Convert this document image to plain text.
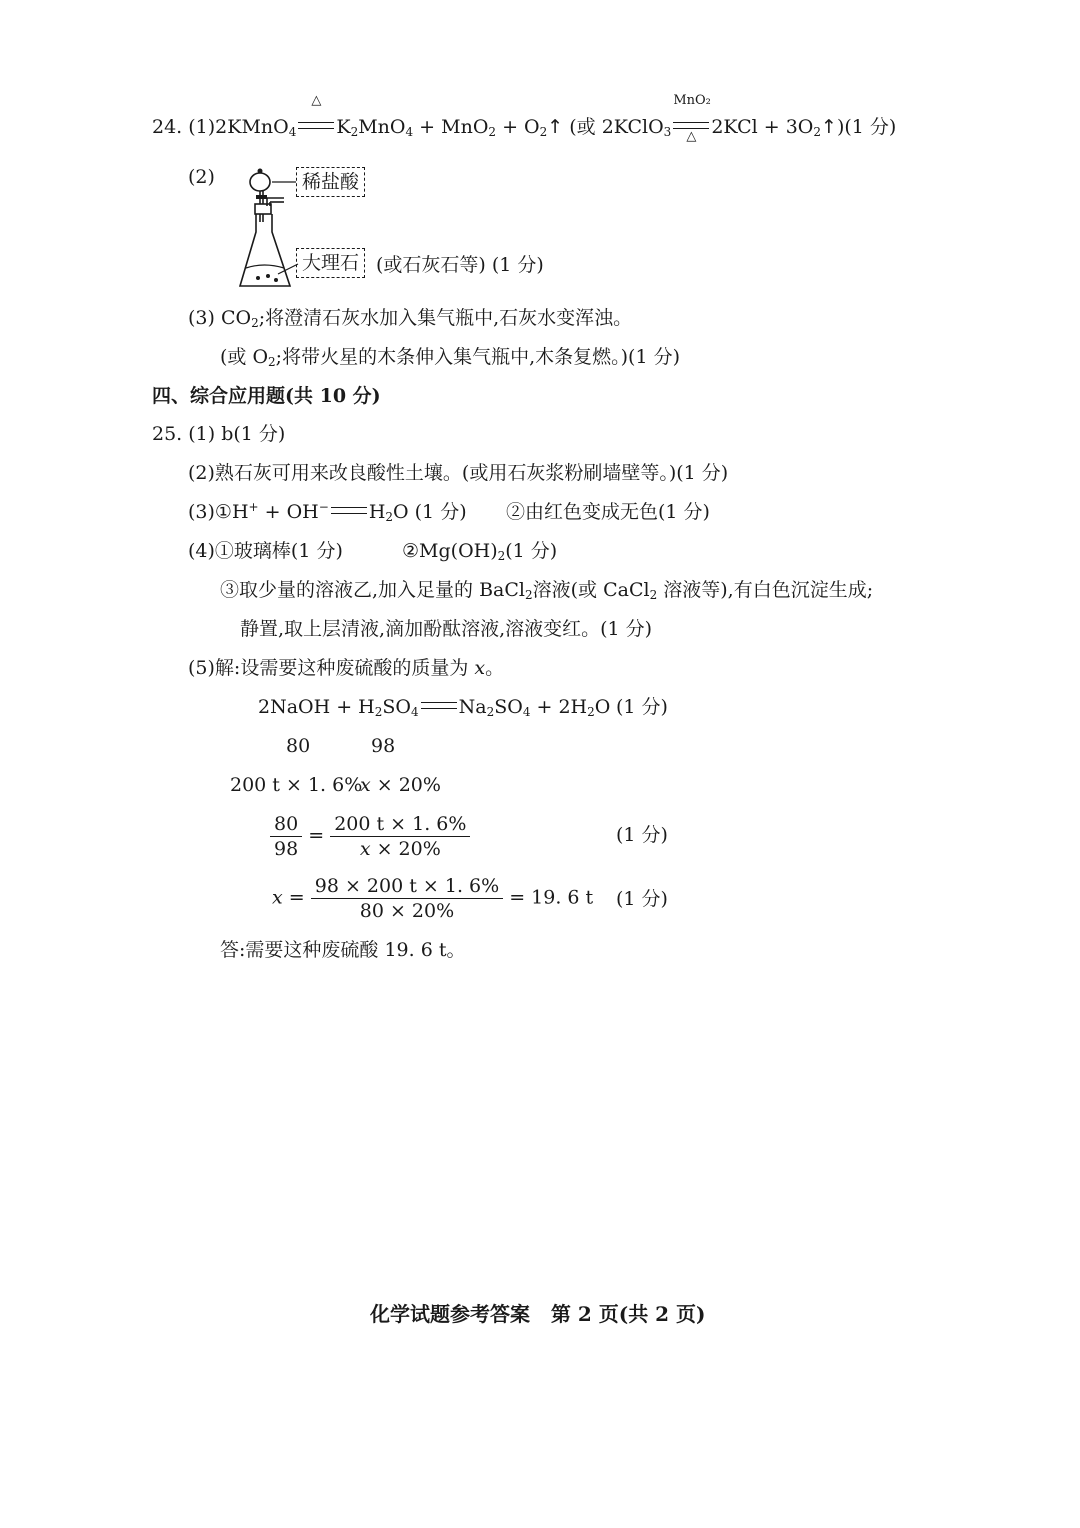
24. (1)2KMnO$_4$
△
$K_2MnO_4 + MnO_2$ + $O_2↑$ (或 2KClO$_3$
MnO₂
△ $2KCl + 3O_2↑)(1$ 分)
(2)	稀盐酸
大理石 (或石灰石等) (1 分)
(3) $CO_2$;将澄清石灰水加入集气瓶中,石灰水变浑浊。
(或 $O_2$;将带火星的木条伸入集气瓶中,木条复燃。)(1 分)
四、综合应用题(共 10 分)
25. (1) b(1 分)
(2)熟石灰可用来改良酸性土壤。(或用石灰浆粉刷墙壁等。)(1 分)
(3)①H+ + OH− $H_2O$ (1 分) ②由红色变成无色(1 分)
(4)①玻璃棒(1 分)	$②Mg(OH)_2(1$ 分)
③取少量的溶液乙,加入足量的 BaCl$_2$溶液(或 CaCl$_2$ 溶液等),有白色沉淀生成;
静置,取上层清液,滴加酚酞溶液,溶液变红。(1 分)
(5)解:设需要这种废硫酸的质量为 x。
2NaOH + $H_2SO_4$ $Na_2SO_4 + 2H_2O$ (1 分)
80	98
200 t × 1. 6%
x × 20%
$\frac{80}{98} = \frac{200 t \times 1. 6\%}{x \times 20\%}$	(1 分)
$x = \frac{98 \times 200 t \times 1. 6\%}{80 \times 20\%} = 19$. 6 t (1 分)
答:需要这种废硫酸 19. 6 t。
化学试题参考答案   第 2 页(共 2 页)
